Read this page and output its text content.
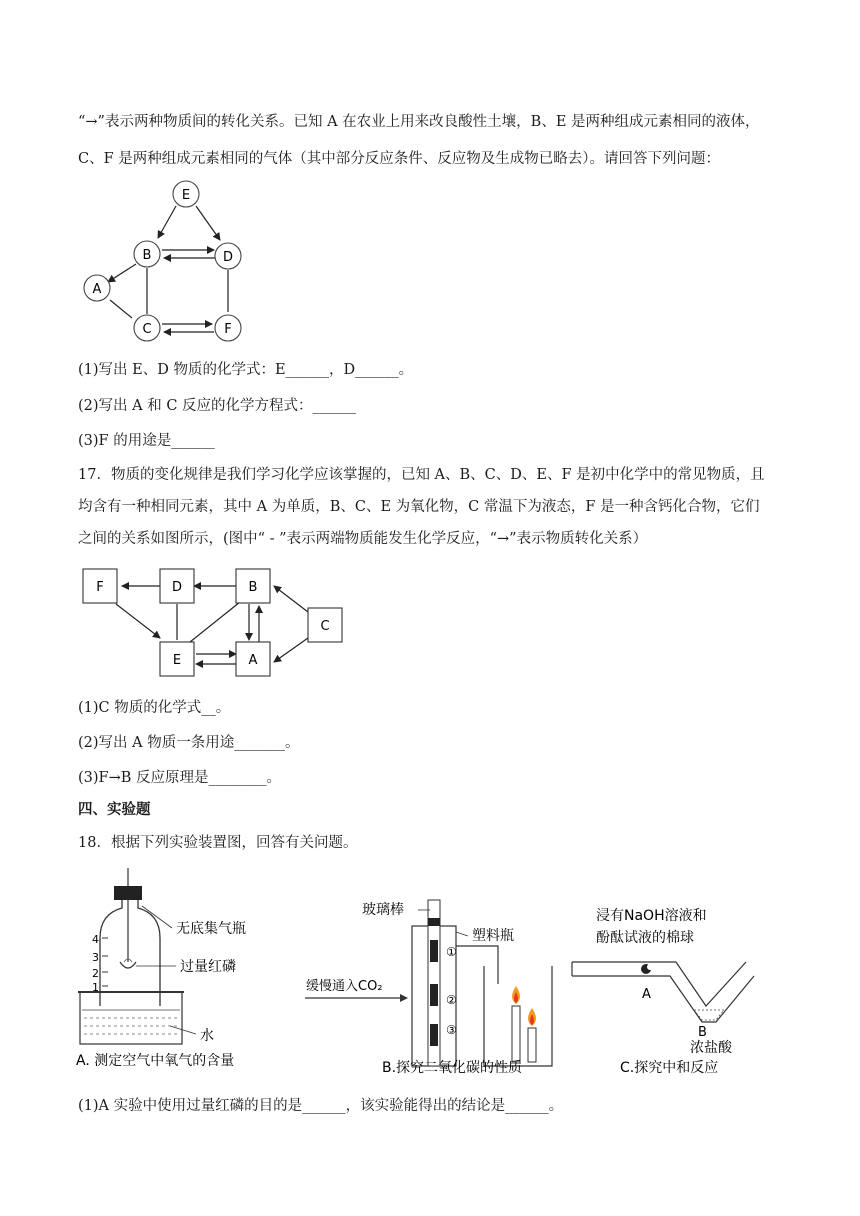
“→”表示两种物质间的转化关系。已知 A 在农业上用来改良酸性土壤，B、E 是两种组成元素相同的液体，
C、F 是两种组成元素相同的气体（其中部分反应条件、反应物及生成物已略去）。请回答下列问题：
E
B	D
A
C	F
(1)写出 E、D 物质的化学式：E______，D______。
(2)写出 A 和 C 反应的化学方程式：______
(3)F 的用途是______
17．物质的变化规律是我们学习化学应该掌握的，已知 A、B、C、D、E、F 是初中化学中的常见物质，且
均含有一种相同元素，其中 A 为单质，B、C、E 为氧化物，C 常温下为液态，F 是一种含钙化合物，它们
之间的关系如图所示，(图中“ - ”表示两端物质能发生化学反应，“→”表示物质转化关系）
F	D	B
C
E	A
(1)C 物质的化学式__。
(2)写出 A 物质一条用途_______。
(3)F→B 反应原理是________。
四、实验题
18．根据下列实验装置图，回答有关问题。
4
3
2
1
无底集气瓶
过量红磷
水
A. 测定空气中氧气的含量
缓慢通入CO₂
①
②
③
玻璃棒
塑料瓶
B.探究二氧化碳的性质
浸有NaOH溶液和
酚酞试液的棉球
A
B
浓盐酸
C.探究中和反应
(1)A 实验中使用过量红磷的目的是______，该实验能得出的结论是______。
